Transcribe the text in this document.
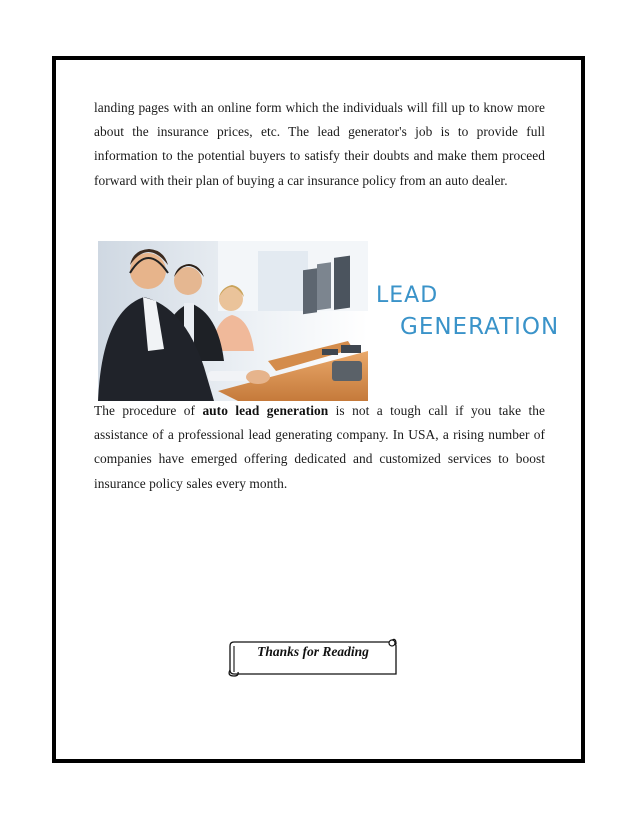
landing pages with an online form which the individuals will fill up to know more about the insurance prices, etc. The lead generator's job is to provide full information to the potential buyers to satisfy their doubts and make them proceed forward with their plan of buying a car insurance policy from an auto dealer.

LEAD
GENERATION

The procedure of auto lead generation is not a tough call if you take the assistance of a professional lead generating company. In USA, a rising number of companies have emerged offering dedicated and customized services to boost insurance policy sales every month.

Thanks for Reading
